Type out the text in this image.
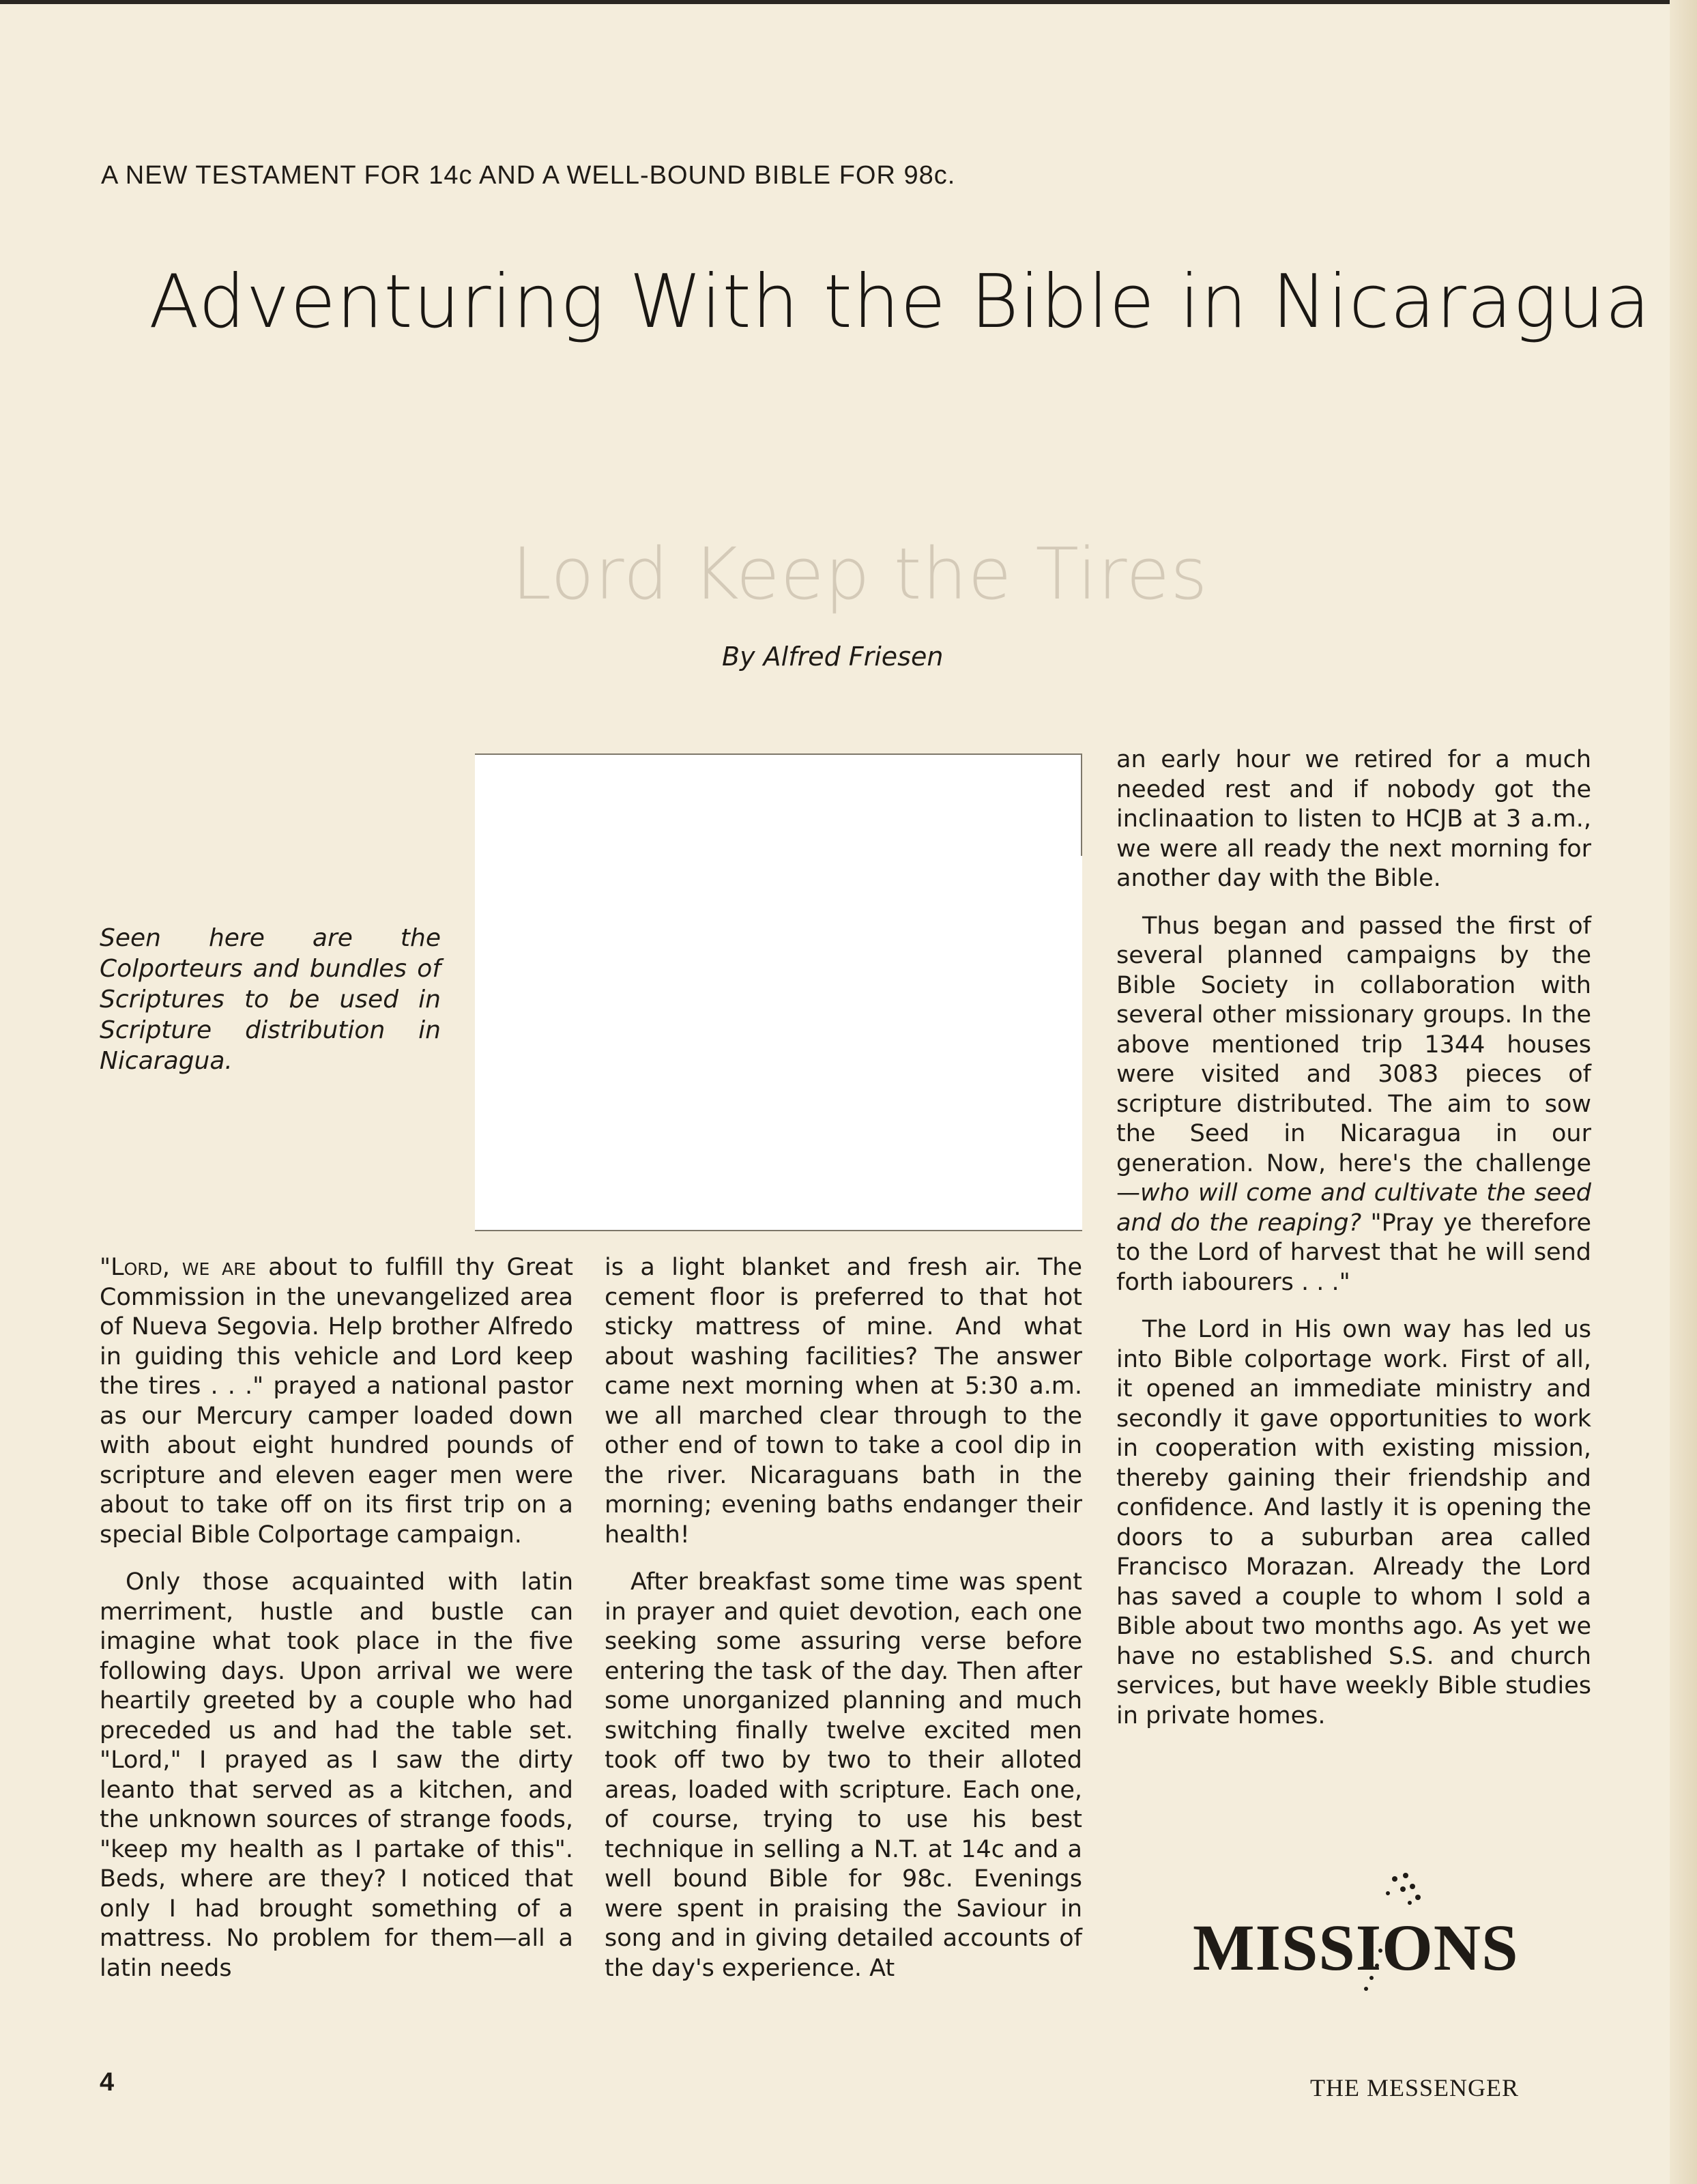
A NEW TESTAMENT FOR 14c AND A WELL-BOUND BIBLE FOR 98c.
Adventuring With the Bible in Nicaragua
Lord Keep the Tires
By Alfred Friesen
Seen here are the Colporteurs and bundles of Scriptures to be used in Scripture distribution in Nicaragua.

"Lord, we are about to fulfill thy Great Commission in the unevangelized area of Nueva Segovia. Help brother Alfredo in guiding this vehicle and Lord keep the tires . . ." prayed a national pastor as our Mercury camper loaded down with about eight hundred pounds of scripture and eleven eager men were about to take off on its first trip on a special Bible Colportage campaign.

Only those acquainted with latin merriment, hustle and bustle can imagine what took place in the five following days. Upon arrival we were heartily greeted by a couple who had preceded us and had the table set. "Lord," I prayed as I saw the dirty leanto that served as a kitchen, and the unknown sources of strange foods, "keep my health as I partake of this". Beds, where are they? I noticed that only I had brought something of a mattress. No problem for them—all a latin needs

is a light blanket and fresh air. The cement floor is preferred to that hot sticky mattress of mine. And what about washing facilities? The answer came next morning when at 5:30 a.m. we all marched clear through to the other end of town to take a cool dip in the river. Nicaraguans bath in the morning; evening baths endanger their health!

After breakfast some time was spent in prayer and quiet devotion, each one seeking some assuring verse before entering the task of the day. Then after some unorganized planning and much switching finally twelve excited men took off two by two to their alloted areas, loaded with scripture. Each one, of course, trying to use his best technique in selling a N.T. at 14c and a well bound Bible for 98c. Evenings were spent in praising the Saviour in song and in giving detailed accounts of the day's experience. At

an early hour we retired for a much needed rest and if nobody got the inclinaation to listen to HCJB at 3 a.m., we were all ready the next morning for another day with the Bible.

Thus began and passed the first of several planned campaigns by the Bible Society in collaboration with several other missionary groups. In the above mentioned trip 1344 houses were visited and 3083 pieces of scripture distributed. The aim to sow the Seed in Nicaragua in our generation. Now, here's the challenge—who will come and cultivate the seed and do the reaping? "Pray ye therefore to the Lord of harvest that he will send forth iabourers . . ."

The Lord in His own way has led us into Bible colportage work. First of all, it opened an immediate ministry and secondly it gave opportunities to work in cooperation with existing mission, thereby gaining their friendship and confidence. And lastly it is opening the doors to a suburban area called Francisco Morazan. Already the Lord has saved a couple to whom I sold a Bible about two months ago. As yet we have no established S.S. and church services, but have weekly Bible studies in private homes.

MISSIONS
4	THE MESSENGER
